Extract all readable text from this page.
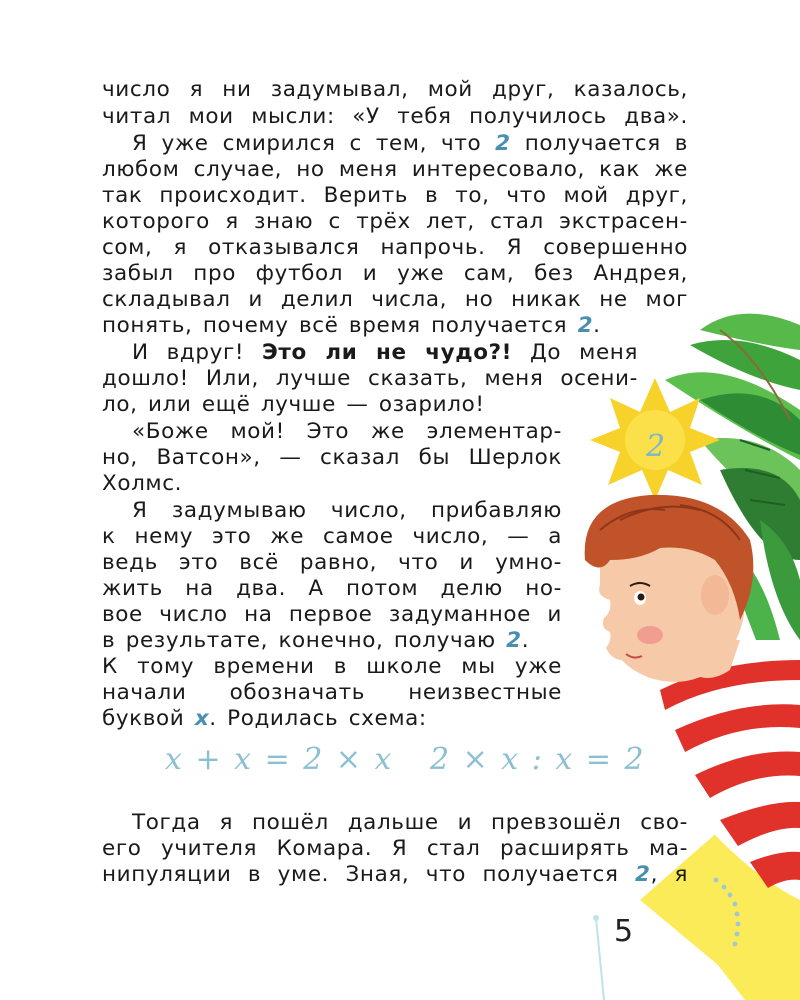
2
число я ни задумывал, мой друг, казалось,
читал мои мысли: «У тебя получилось два».
Я уже смирился с тем, что 2 получается в
любом случае, но меня интересовало, как же
так происходит. Верить в то, что мой друг,
которого я знаю с трёх лет, стал экстрасен-
сом, я отказывался напрочь. Я совершенно
забыл про футбол и уже сам, без Андрея,
складывал и делил числа, но никак не мог
понять, почему всё время получается 2.
И вдруг! Это ли не чудо?! До меня
дошло! Или, лучше сказать, меня осени-
ло, или ещё лучше — озарило!
«Боже мой! Это же элементар-
но, Ватсон», — сказал бы Шерлок
Холмс.
Я задумываю число, прибавляю
к нему это же самое число, — а
ведь это всё равно, что и умно-
жить на два. А потом делю но-
вое число на первое задуманное и
в результате, конечно, получаю 2.
К тому времени в школе мы уже
начали обозначать неизвестные
буквой x. Родилась схема:
x + x = 2 × x 2 × x : x = 2
Тогда я пошёл дальше и превзошёл сво-
его учителя Комара. Я стал расширять ма-
нипуляции в уме. Зная, что получается 2, я
5
